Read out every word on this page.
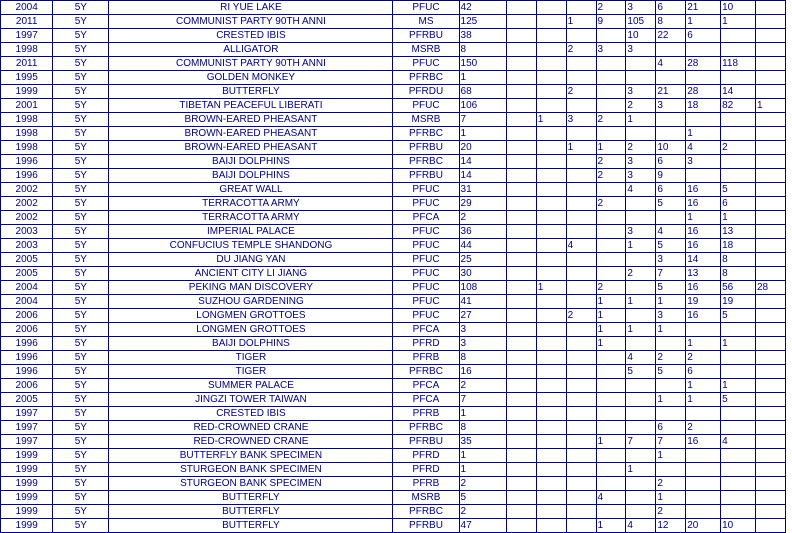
2004	5Y	RI YUE LAKE	PFUC	42				2	3	6	21	10	
2011	5Y	COMMUNIST PARTY 90TH ANNI	MS	125			1	9	105	8	1	1	
1997	5Y	CRESTED IBIS	PFRBU	38					10	22	6		
1998	5Y	ALLIGATOR	MSRB	8			2	3	3				
2011	5Y	COMMUNIST PARTY 90TH ANNI	PFUC	150						4	28	118	
1995	5Y	GOLDEN MONKEY	PFRBC	1									
1999	5Y	BUTTERFLY	PFRDU	68			2		3	21	28	14	
2001	5Y	TIBETAN PEACEFUL LIBERATI	PFUC	106					2	3	18	82	1
1998	5Y	BROWN-EARED PHEASANT	MSRB	7		1	3	2	1				
1998	5Y	BROWN-EARED PHEASANT	PFRBC	1							1		
1998	5Y	BROWN-EARED PHEASANT	PFRBU	20			1	1	2	10	4	2	
1996	5Y	BAIJI DOLPHINS	PFRBC	14				2	3	6	3		
1996	5Y	BAIJI DOLPHINS	PFRBU	14				2	3	9			
2002	5Y	GREAT WALL	PFUC	31					4	6	16	5	
2002	5Y	TERRACOTTA ARMY	PFUC	29				2		5	16	6	
2002	5Y	TERRACOTTA ARMY	PFCA	2							1	1	
2003	5Y	IMPERIAL PALACE	PFUC	36					3	4	16	13	
2003	5Y	CONFUCIUS TEMPLE SHANDONG	PFUC	44			4		1	5	16	18	
2005	5Y	DU JIANG YAN	PFUC	25						3	14	8	
2005	5Y	ANCIENT CITY LI JIANG	PFUC	30					2	7	13	8	
2004	5Y	PEKING MAN DISCOVERY	PFUC	108		1		2		5	16	56	28
2004	5Y	SUZHOU GARDENING	PFUC	41				1	1	1	19	19	
2006	5Y	LONGMEN GROTTOES	PFUC	27			2	1		3	16	5	
2006	5Y	LONGMEN GROTTOES	PFCA	3				1	1	1			
1996	5Y	BAIJI DOLPHINS	PFRD	3				1			1	1	
1996	5Y	TIGER	PFRB	8					4	2	2		
1996	5Y	TIGER	PFRBC	16					5	5	6		
2006	5Y	SUMMER PALACE	PFCA	2							1	1	
2005	5Y	JINGZI TOWER TAIWAN	PFCA	7						1	1	5	
1997	5Y	CRESTED IBIS	PFRB	1									
1997	5Y	RED-CROWNED CRANE	PFRBC	8						6	2		
1997	5Y	RED-CROWNED CRANE	PFRBU	35				1	7	7	16	4	
1999	5Y	BUTTERFLY BANK SPECIMEN	PFRD	1						1			
1999	5Y	STURGEON BANK SPECIMEN	PFRD	1					1				
1999	5Y	STURGEON BANK SPECIMEN	PFRB	2						2			
1999	5Y	BUTTERFLY	MSRB	5				4		1			
1999	5Y	BUTTERFLY	PFRBC	2						2			
1999	5Y	BUTTERFLY	PFRBU	47				1	4	12	20	10	
